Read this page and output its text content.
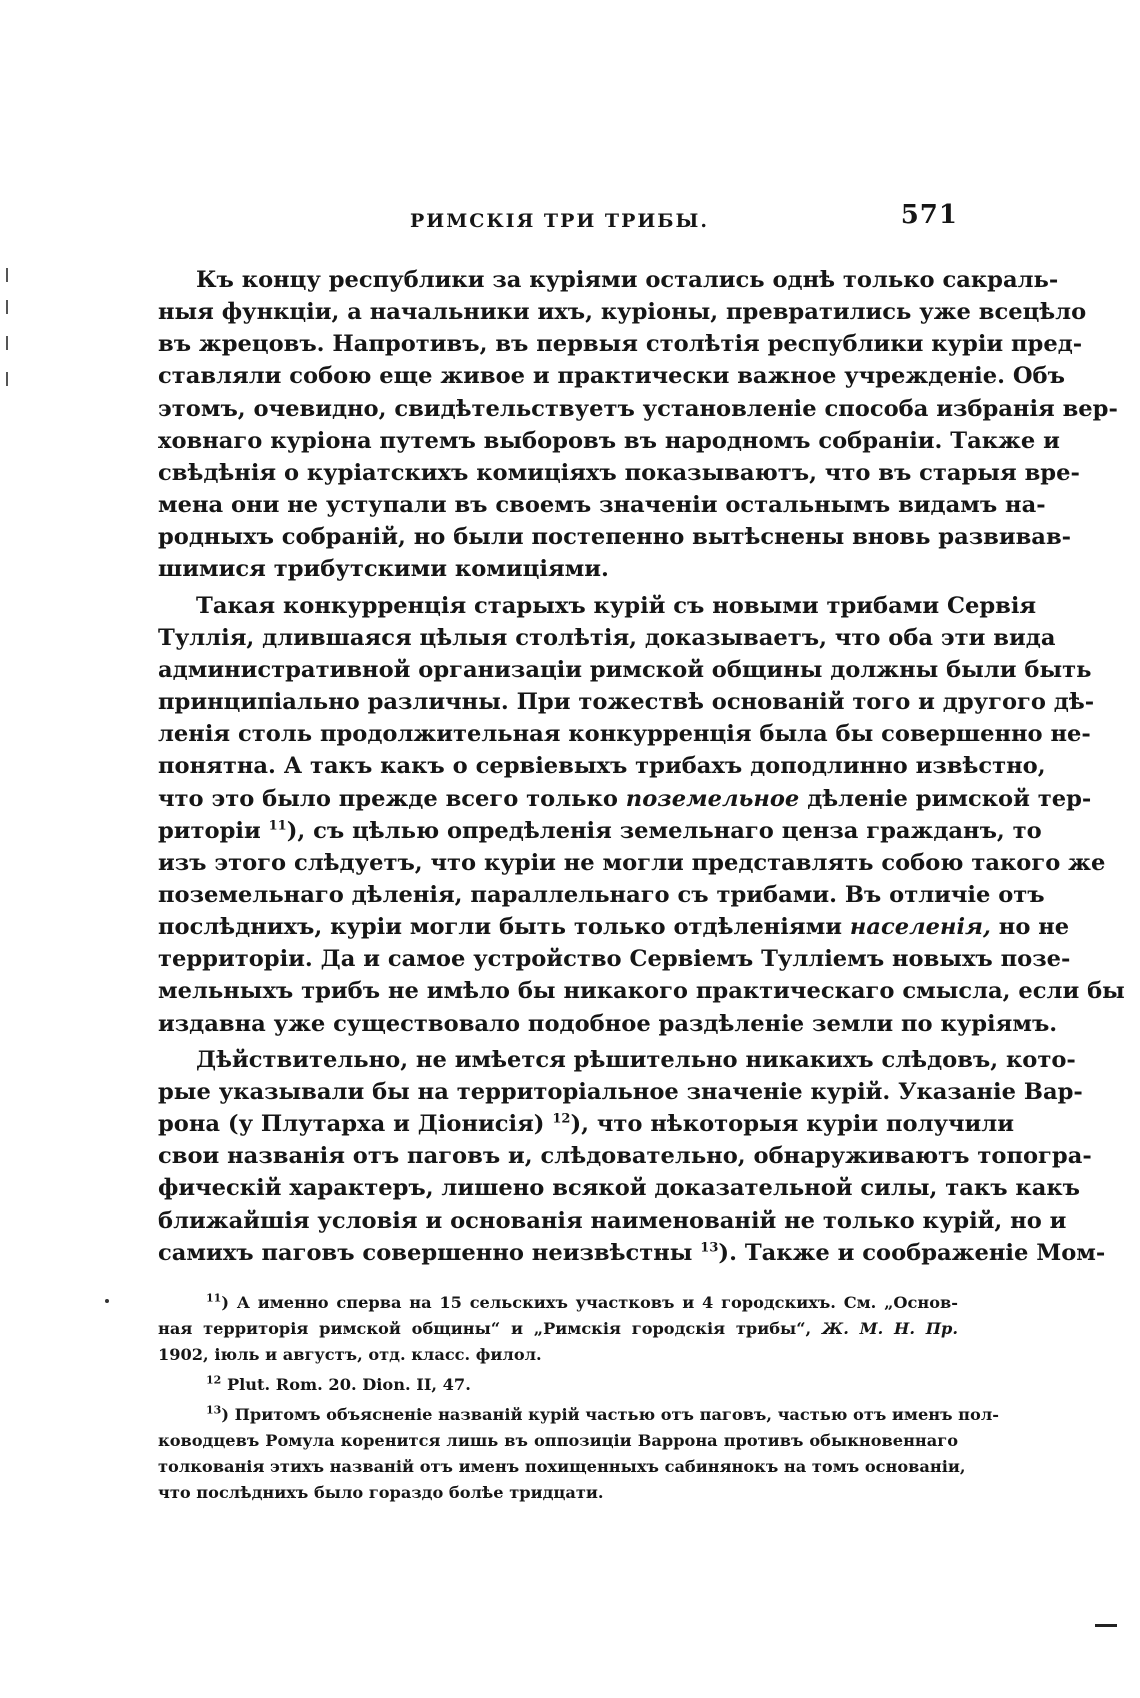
РИМСКІЯ ТРИ ТРИБЫ.	571
Къ концу республики за куріями остались однѣ только сакраль-
ныя функціи, а начальники ихъ, куріоны, превратились уже всецѣло
въ жрецовъ. Напротивъ, въ первыя столѣтія республики куріи пред-
ставляли собою еще живое и практически важное учрежденіе. Объ
этомъ, очевидно, свидѣтельствуетъ установленіе способа избранія вер-
ховнаго куріона путемъ выборовъ въ народномъ собраніи. Также и
свѣдѣнія о куріатскихъ комиціяхъ показываютъ, что въ старыя вре-
мена они не уступали въ своемъ значеніи остальнымъ видамъ на-
родныхъ собраній, но были постепенно вытѣснены вновь развивав-
шимися трибутскими комиціями.
Такая конкурренція старыхъ курій съ новыми трибами Сервія
Туллія, длившаяся цѣлыя столѣтія, доказываетъ, что оба эти вида
административной организаціи римской общины должны были быть
принципіально различны. При тожествѣ основаній того и другого дѣ-
ленія столь продолжительная конкурренція была бы совершенно не-
понятна. А такъ какъ о сервіевыхъ трибахъ доподлинно извѣстно,
что это было прежде всего только поземельное дѣленіе римской тер-
риторіи $^{11}$), съ цѣлью опредѣленія земельнаго ценза гражданъ, то
изъ этого слѣдуетъ, что куріи не могли представлять собою такого же
поземельнаго дѣленія, параллельнаго съ трибами. Въ отличіе отъ
послѣднихъ, куріи могли быть только отдѣленіями населенія, но не
территоріи. Да и самое устройство Сервіемъ Тулліемъ новыхъ позе-
мельныхъ трибъ не имѣло бы никакого практическаго смысла, если бы
издавна уже существовало подобное раздѣленіе земли по куріямъ.
Дѣйствительно, не имѣется рѣшительно никакихъ слѣдовъ, кото-
рые указывали бы на территоріальное значеніе курій. Указаніе Вар-
рона (у Плутарха и Діонисія) $^{12}$), что нѣкоторыя куріи получили
свои названія отъ паговъ и, слѣдовательно, обнаруживаютъ топогра-
фическій характеръ, лишено всякой доказательной силы, такъ какъ
ближайшія условія и основанія наименованій не только курій, но и
самихъ паговъ совершенно неизвѣстны $^{13}$). Также и соображеніе Мом-
$^{11}$) А именно сперва на 15 сельскихъ участковъ и 4 городскихъ. См. „Основ-
ная территорія римской общины“ и „Римскія городскія трибы“, Ж. М. Н. Пр.
1902, іюль и августъ, отд. класс. филол.
$^{12}$ Plut. Rom. 20. Dion. II, 47.
$^{13}$) Притомъ объясненіе названій курій частью отъ паговъ, частью отъ именъ пол-
ководцевъ Ромула коренится лишь въ оппозиціи Варрона противъ обыкновеннаго
толкованія этихъ названій отъ именъ похищенныхъ сабинянокъ на томъ основаніи,
что послѣднихъ было гораздо болѣе тридцати.
